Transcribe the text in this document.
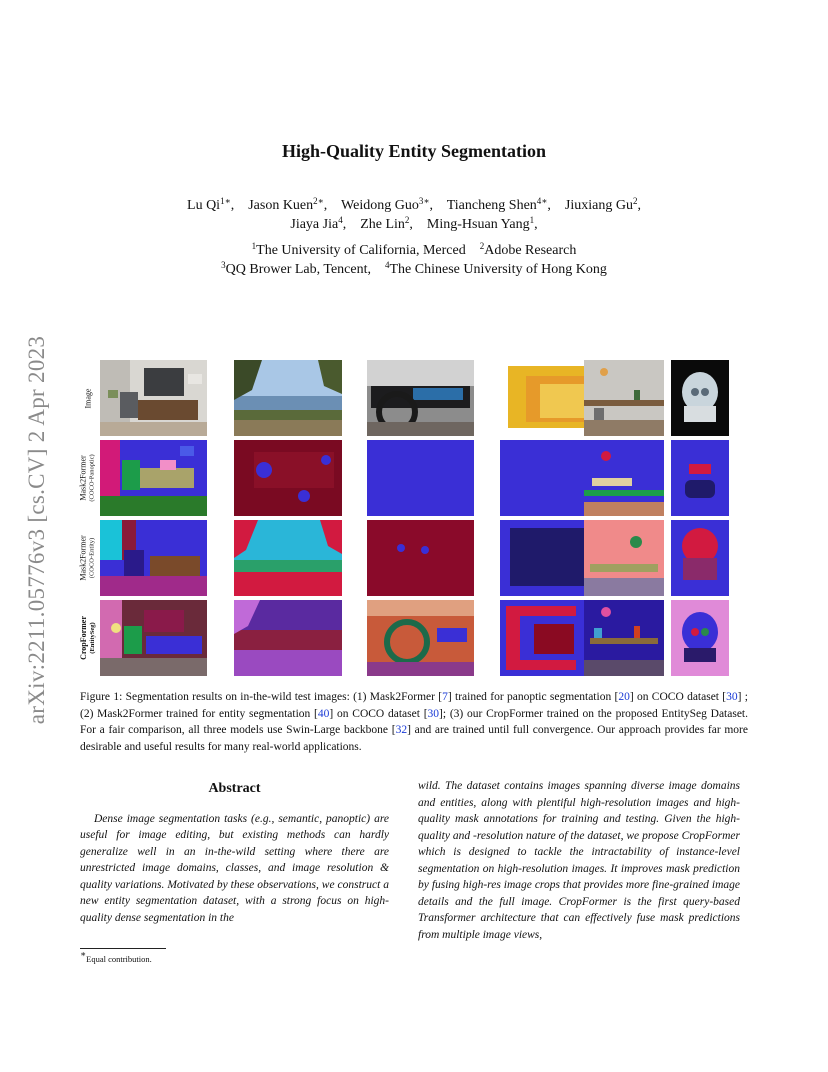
arXiv:2211.05776v3 [cs.CV] 2 Apr 2023
High-Quality Entity Segmentation
Lu $Qi^{1∗}$, Jason Kuen$^{2∗}$, Weidong Guo$^{3∗}$, Tiancheng Shen$^{4∗}$, Jiuxiang Gu$^2$,
Jiaya Jia$^4$, Zhe Lin$^2$, Ming-Hsuan Yang$^1$,
$^1$The University of California, Merced $^2$Adobe Research
$^3$QQ Brower Lab, Tencent, $^4$The Chinese University of Hong Kong
Image
Mask2Former (COCO-Panoptic)
Mask2Former (COCO-Entity)
CropFormer (EntitySeg)
Figure 1: Segmentation results on in-the-wild test images: (1) Mask2Former [7] trained for panoptic segmentation [20] on COCO dataset [30] ; (2) Mask2Former trained for entity segmentation [40] on COCO dataset [30]; (3) our CropFormer trained on the proposed EntitySeg Dataset. For a fair comparison, all three models use Swin-Large backbone [32] and are trained until full convergence. Our approach provides far more desirable and useful results for many real-world applications.
Abstract
Dense image segmentation tasks (e.g., semantic, panoptic) are useful for image editing, but existing methods can hardly generalize well in an in-the-wild setting where there are unrestricted image domains, classes, and image resolution & quality variations. Motivated by these observations, we construct a new entity segmentation dataset, with a strong focus on high-quality dense segmentation in the
wild. The dataset contains images spanning diverse image domains and entities, along with plentiful high-resolution images and high-quality mask annotations for training and testing. Given the high-quality and -resolution nature of the dataset, we propose CropFormer which is designed to tackle the intractability of instance-level segmentation on high-resolution images. It improves mask prediction by fusing high-res image crops that provides more fine-grained image details and the full image. CropFormer is the first query-based Transformer architecture that can effectively fuse mask predictions from multiple image views,
∗Equal contribution.
